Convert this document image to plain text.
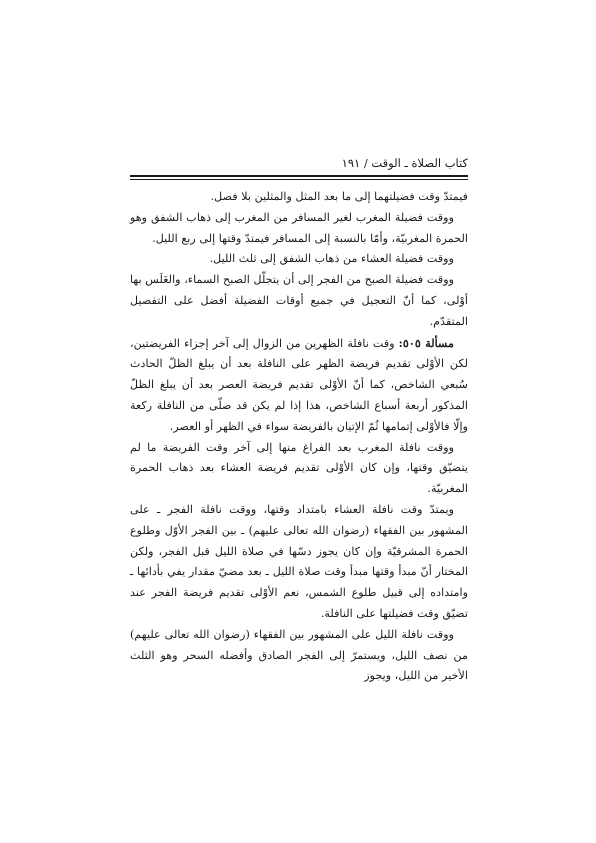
كتاب الصلاة ـ الوقت / ١٩١

فيمتدّ وقت فضيلتهما إلى ما بعد المثل والمثلين بلا فصل.

ووقت فضيلة المغرب لغير المسافر من المغرب إلى ذهاب الشفق وهو الحمرة المغربيّة، وأمّا بالنسبة إلى المسافر فيمتدّ وقتها إلى ربع الليل.

ووقت فضيلة العشاء من ذهاب الشفق إلى ثلث الليل.

ووقت فضيلة الصبح من الفجر إلى أن يتجلّل الصبح السماء، والغَلَس بها أوْلى، كما أنّ التعجيل في جميع أوقات الفضيلة أفضل على التفصيل المتقدّم.

مسألة ٥٠٥: وقت نافلة الظهرين من الزوال إلى آخر إجزاء الفريضتين، لكن الأوْلى تقديم فريضة الظهر على النافلة بعد أن يبلغ الظلّ الحادث سُبعي الشاخص، كما أنّ الأوْلى تقديم فريضة العصر بعد أن يبلغ الظلّ المذكور أربعة أسباع الشاخص، هذا إذا لم يكن قد صلّى من النافلة ركعة وإلّا فالأوْلى إتمامها ثُمّ الإتيان بالفريضة سواء في الظهر أو العصر.

ووقت نافلة المغرب بعد الفراغ منها إلى آخر وقت الفريضة ما لم يتضيّق وقتها، وإن كان الأوْلى تقديم فريضة العشاء بعد ذهاب الحمرة المغربيّة.

ويمتدّ وقت نافلة العشاء بامتداد وقتها، ووقت نافلة الفجر ـ على المشهور بين الفقهاء (رضوان الله تعالى عليهم) ـ بين الفجر الأوّل وطلوع الحمرة المشرقيّة وإن كان يجوز دسّها في صلاة الليل قبل الفجر، ولكن المختار أنّ مبدأ وقتها مبدأ وقت صلاة الليل ـ بعد مضيّ مقدار يفي بأدائها ـ وامتداده إلى قبيل طلوع الشمس، نعم الأوْلى تقديم فريضة الفجر عند تضيّق وقت فضيلتها على النافلة.

ووقت نافلة الليل على المشهور بين الفقهاء (رضوان الله تعالى عليهم) من نصف الليل، ويستمرّ إلى الفجر الصادق وأفضله السحر وهو الثلث الأخير من الليل، ويجوز
